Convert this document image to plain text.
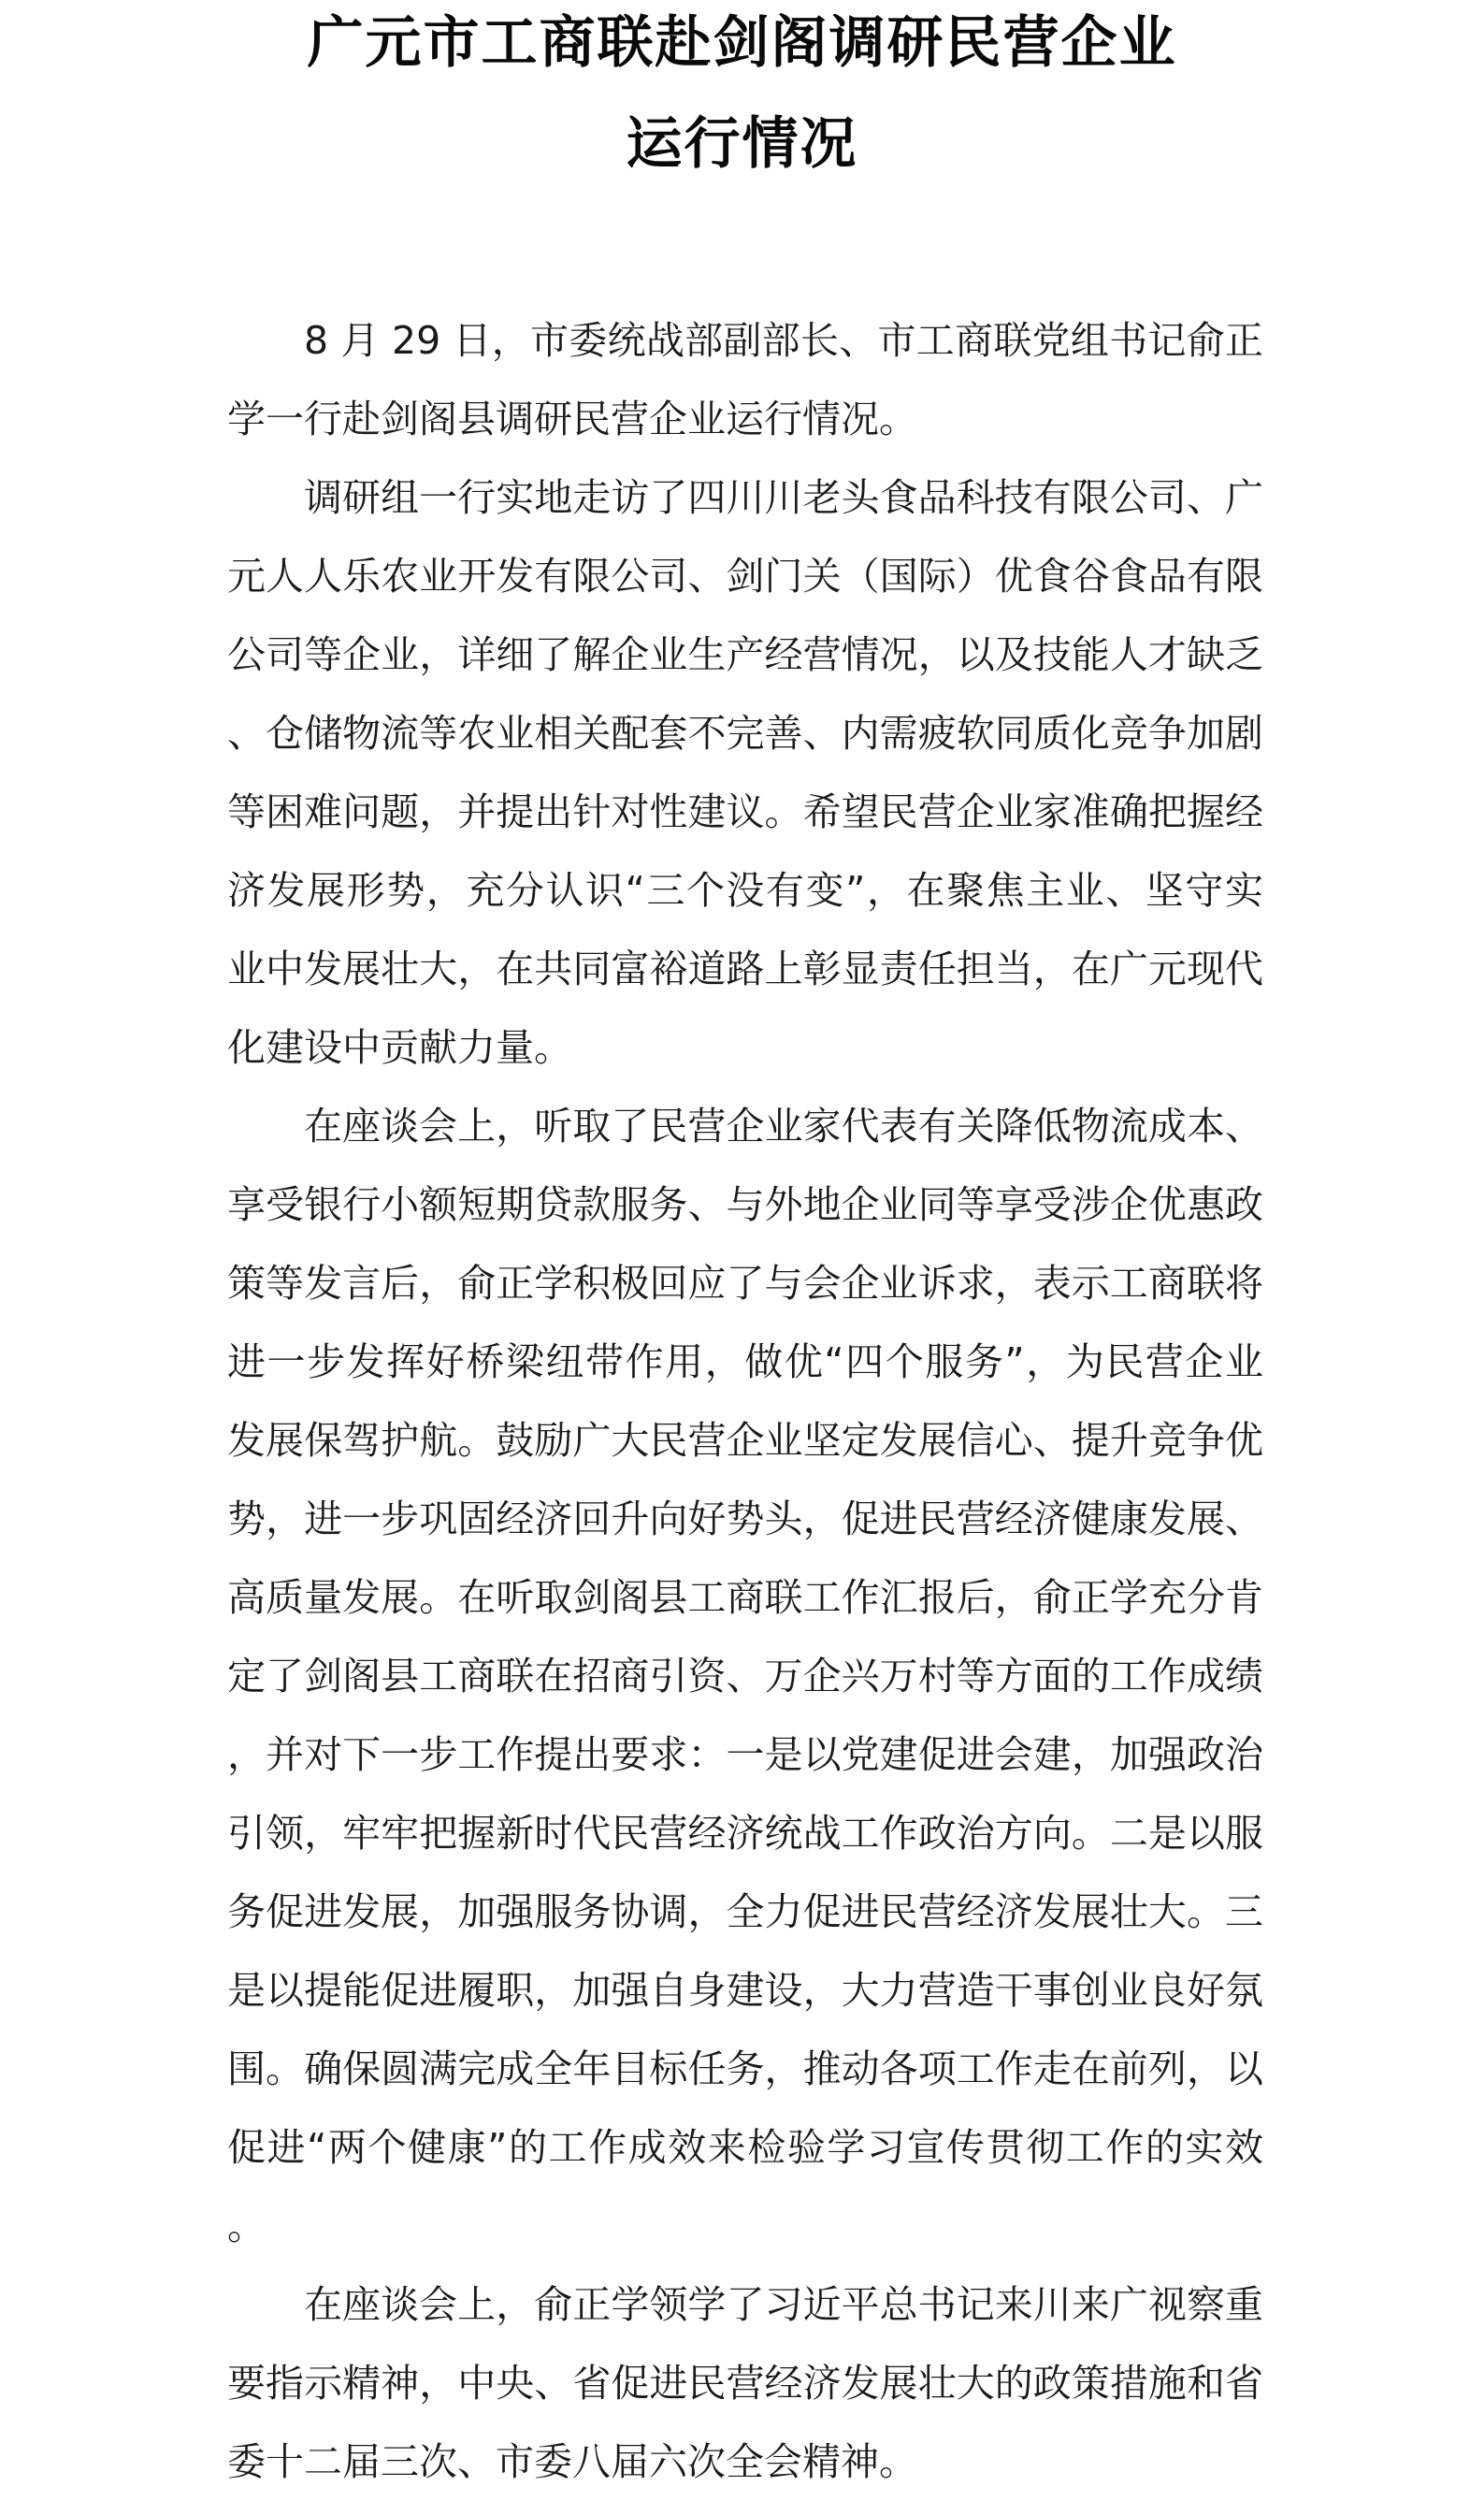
广元市工商联赴剑阁调研民营企业
运行情况

8 月 29 日，市委统战部副部长、市工商联党组书记俞正学一行赴剑阁县调研民营企业运行情况。

调研组一行实地走访了四川川老头食品科技有限公司、广元人人乐农业开发有限公司、剑门关（国际）优食谷食品有限公司等企业，详细了解企业生产经营情况，以及技能人才缺乏、仓储物流等农业相关配套不完善、内需疲软同质化竞争加剧等困难问题，并提出针对性建议。希望民营企业家准确把握经济发展形势，充分认识“三个没有变”，在聚焦主业、坚守实业中发展壮大，在共同富裕道路上彰显责任担当，在广元现代化建设中贡献力量。

在座谈会上，听取了民营企业家代表有关降低物流成本、享受银行小额短期贷款服务、与外地企业同等享受涉企优惠政策等发言后，俞正学积极回应了与会企业诉求，表示工商联将进一步发挥好桥梁纽带作用，做优“四个服务”，为民营企业发展保驾护航。鼓励广大民营企业坚定发展信心、提升竞争优势，进一步巩固经济回升向好势头，促进民营经济健康发展、高质量发展。在听取剑阁县工商联工作汇报后，俞正学充分肯定了剑阁县工商联在招商引资、万企兴万村等方面的工作成绩，并对下一步工作提出要求：一是以党建促进会建，加强政治引领，牢牢把握新时代民营经济统战工作政治方向。二是以服务促进发展，加强服务协调，全力促进民营经济发展壮大。三是以提能促进履职，加强自身建设，大力营造干事创业良好氛围。确保圆满完成全年目标任务，推动各项工作走在前列，以促进“两个健康”的工作成效来检验学习宣传贯彻工作的实效。

在座谈会上，俞正学领学了习近平总书记来川来广视察重要指示精神，中央、省促进民营经济发展壮大的政策措施和省委十二届三次、市委八届六次全会精神。
